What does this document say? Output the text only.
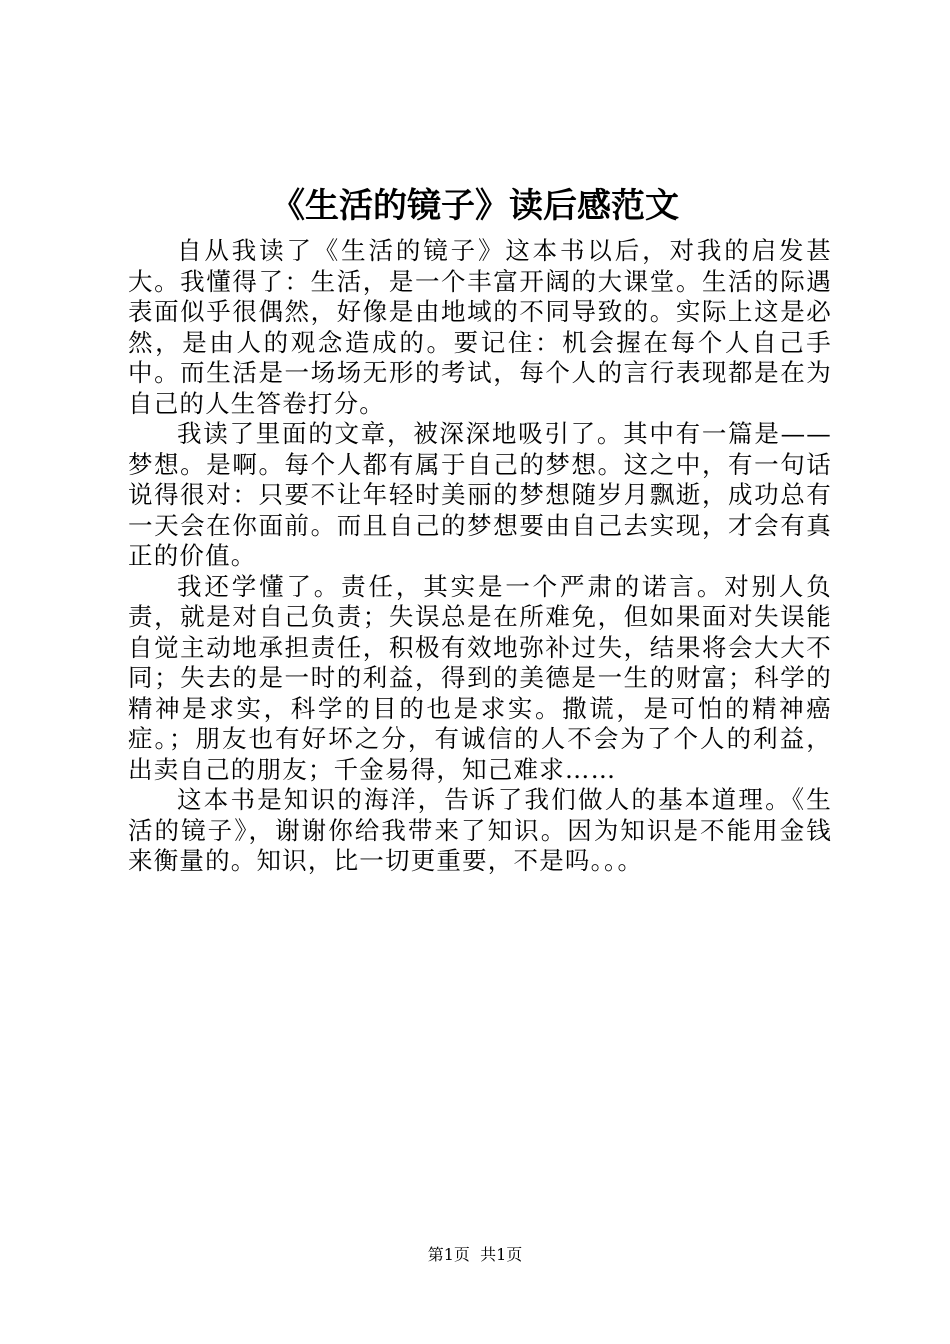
《生活的镜子》读后感范文

自从我读了《生活的镜子》这本书以后，对我的启发甚大。我懂得了：生活，是一个丰富开阔的大课堂。生活的际遇表面似乎很偶然，好像是由地域的不同导致的。实际上这是必然，是由人的观念造成的。要记住：机会握在每个人自己手中。而生活是一场场无形的考试，每个人的言行表现都是在为自己的人生答卷打分。

我读了里面的文章，被深深地吸引了。其中有一篇是——梦想。是啊。每个人都有属于自己的梦想。这之中，有一句话说得很对：只要不让年轻时美丽的梦想随岁月飘逝，成功总有一天会在你面前。而且自己的梦想要由自己去实现，才会有真正的价值。

我还学懂了。责任，其实是一个严肃的诺言。对别人负责，就是对自己负责；失误总是在所难免，但如果面对失误能自觉主动地承担责任，积极有效地弥补过失，结果将会大大不同；失去的是一时的利益，得到的美德是一生的财富；科学的精神是求实，科学的目的也是求实。撒谎，是可怕的精神癌症。；朋友也有好坏之分，有诚信的人不会为了个人的利益，出卖自己的朋友；千金易得，知己难求……

这本书是知识的海洋，告诉了我们做人的基本道理。《生活的镜子》，谢谢你给我带来了知识。因为知识是不能用金钱来衡量的。知识，比一切更重要，不是吗。。。

第1页  共1页
